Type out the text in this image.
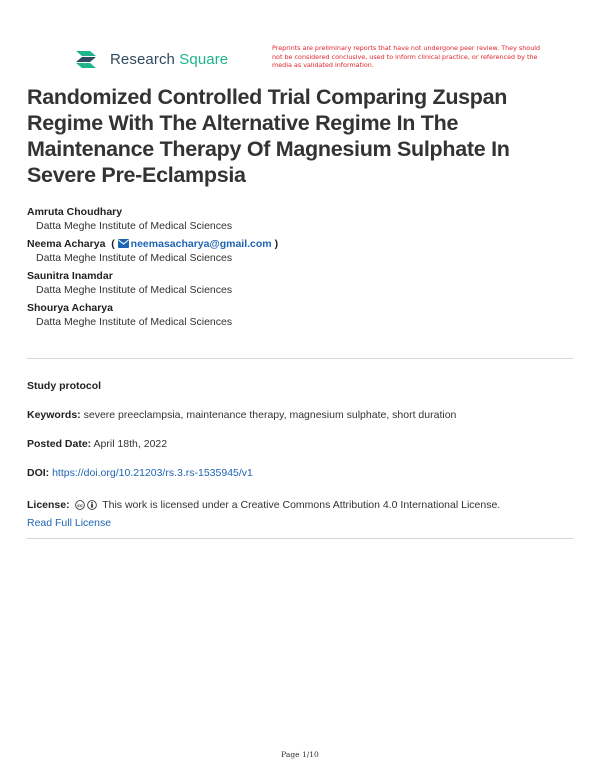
Research Square
Preprints are preliminary reports that have not undergone peer review. They should not be considered conclusive, used to inform clinical practice, or referenced by the media as validated information.
Randomized Controlled Trial Comparing Zuspan Regime With The Alternative Regime In The Maintenance Therapy Of Magnesium Sulphate In Severe Pre-Eclampsia
Amruta Choudhary
Datta Meghe Institute of Medical Sciences
Neema Acharya  ( neemasacharya@gmail.com )
Datta Meghe Institute of Medical Sciences
Saunitra Inamdar
Datta Meghe Institute of Medical Sciences
Shourya Acharya
Datta Meghe Institute of Medical Sciences
Study protocol
Keywords: severe preeclampsia, maintenance therapy, magnesium sulphate, short duration
Posted Date: April 18th, 2022
DOI: https://doi.org/10.21203/rs.3.rs-1535945/v1
License: cc This work is licensed under a Creative Commons Attribution 4.0 International License.
Read Full License
Page 1/10
